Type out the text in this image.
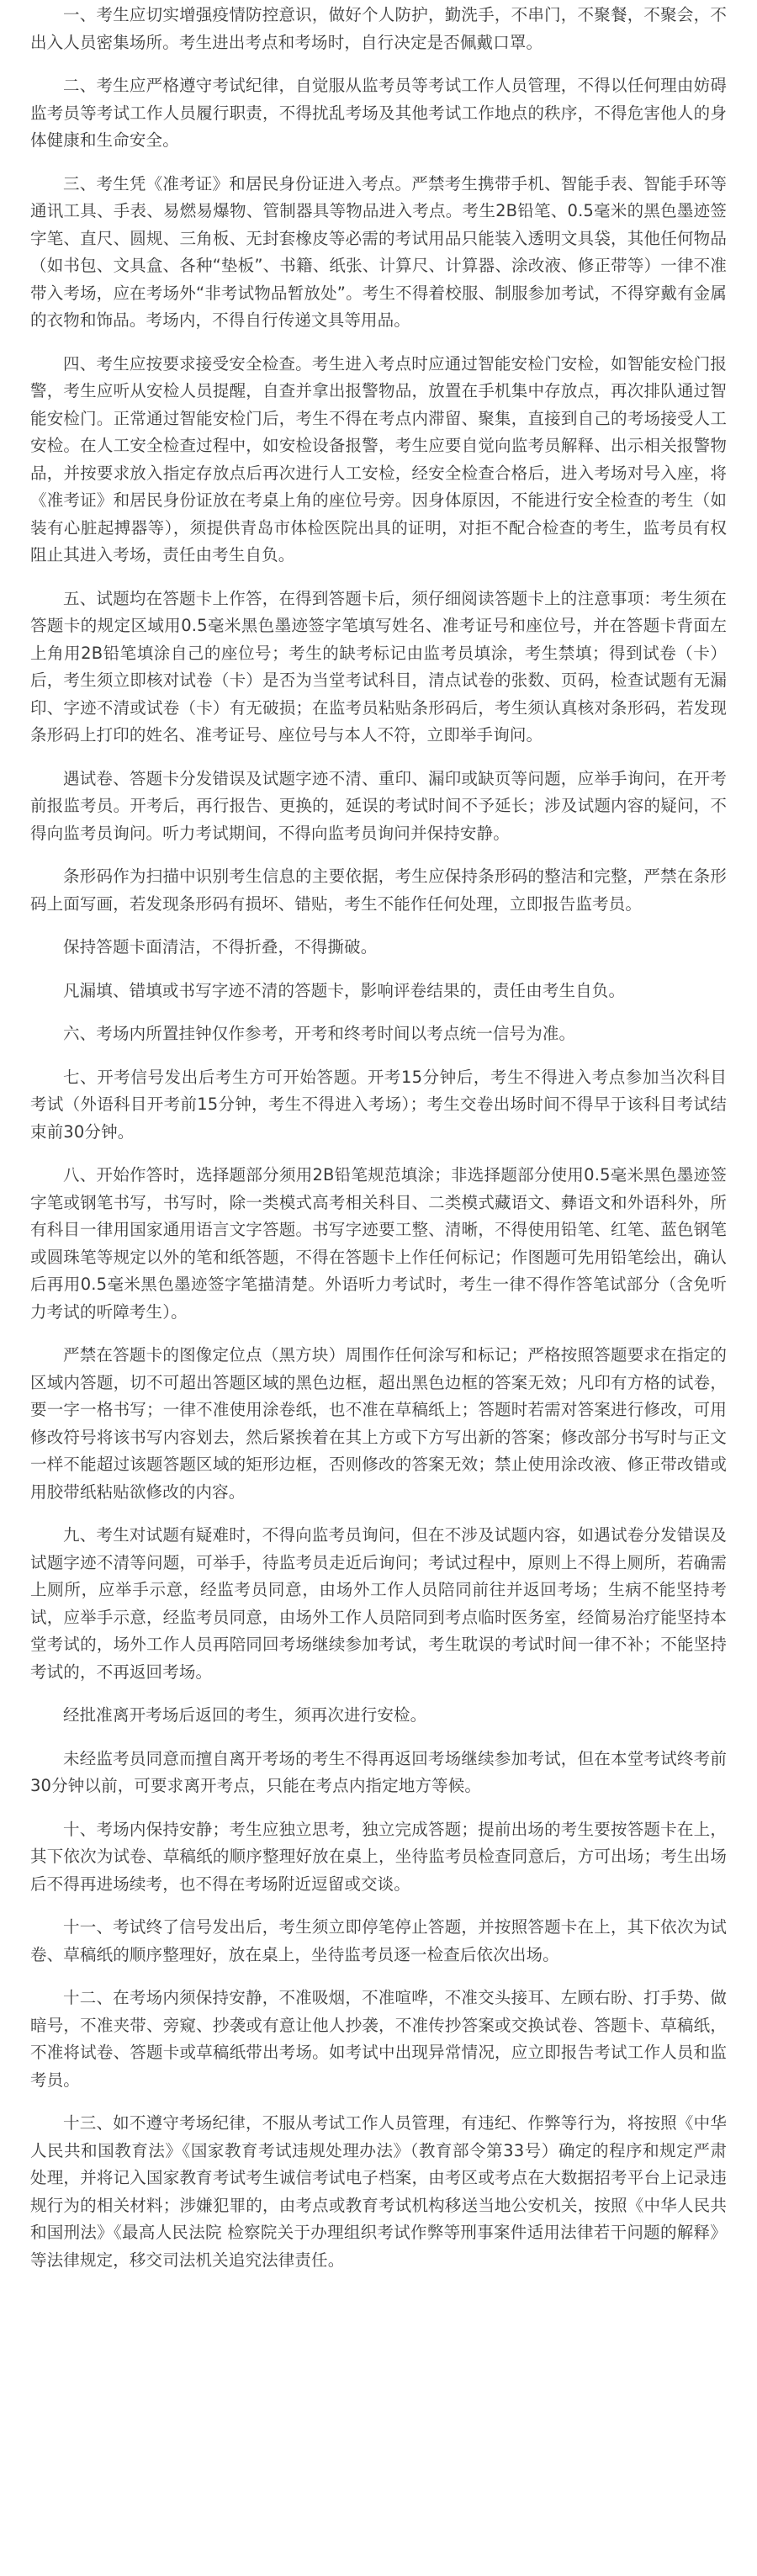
一、考生应切实增强疫情防控意识，做好个人防护，勤洗手，不串门，不聚餐，不聚会，不出入人员密集场所。考生进出考点和考场时，自行决定是否佩戴口罩。

二、考生应严格遵守考试纪律，自觉服从监考员等考试工作人员管理，不得以任何理由妨碍监考员等考试工作人员履行职责，不得扰乱考场及其他考试工作地点的秩序，不得危害他人的身体健康和生命安全。

三、考生凭《准考证》和居民身份证进入考点。严禁考生携带手机、智能手表、智能手环等通讯工具、手表、易燃易爆物、管制器具等物品进入考点。考生2B铅笔、0.5毫米的黑色墨迹签字笔、直尺、圆规、三角板、无封套橡皮等必需的考试用品只能装入透明文具袋，其他任何物品（如书包、文具盒、各种“垫板”、书籍、纸张、计算尺、计算器、涂改液、修正带等）一律不准带入考场，应在考场外“非考试物品暂放处”。考生不得着校服、制服参加考试，不得穿戴有金属的衣物和饰品。考场内，不得自行传递文具等用品。

四、考生应按要求接受安全检查。考生进入考点时应通过智能安检门安检，如智能安检门报警，考生应听从安检人员提醒，自查并拿出报警物品，放置在手机集中存放点，再次排队通过智能安检门。正常通过智能安检门后，考生不得在考点内滞留、聚集，直接到自己的考场接受人工安检。在人工安全检查过程中，如安检设备报警，考生应要自觉向监考员解释、出示相关报警物品，并按要求放入指定存放点后再次进行人工安检，经安全检查合格后，进入考场对号入座，将《准考证》和居民身份证放在考桌上角的座位号旁。因身体原因，不能进行安全检查的考生（如装有心脏起搏器等），须提供青岛市体检医院出具的证明，对拒不配合检查的考生，监考员有权阻止其进入考场，责任由考生自负。

五、试题均在答题卡上作答，在得到答题卡后，须仔细阅读答题卡上的注意事项：考生须在答题卡的规定区域用0.5毫米黑色墨迹签字笔填写姓名、准考证号和座位号，并在答题卡背面左上角用2B铅笔填涂自己的座位号；考生的缺考标记由监考员填涂，考生禁填；得到试卷（卡）后，考生须立即核对试卷（卡）是否为当堂考试科目，清点试卷的张数、页码，检查试题有无漏印、字迹不清或试卷（卡）有无破损；在监考员粘贴条形码后，考生须认真核对条形码，若发现条形码上打印的姓名、准考证号、座位号与本人不符，立即举手询问。

遇试卷、答题卡分发错误及试题字迹不清、重印、漏印或缺页等问题，应举手询问，在开考前报监考员。开考后，再行报告、更换的，延误的考试时间不予延长；涉及试题内容的疑问，不得向监考员询问。听力考试期间，不得向监考员询问并保持安静。

条形码作为扫描中识别考生信息的主要依据，考生应保持条形码的整洁和完整，严禁在条形码上面写画，若发现条形码有损坏、错贴，考生不能作任何处理，立即报告监考员。

保持答题卡面清洁，不得折叠，不得撕破。

凡漏填、错填或书写字迹不清的答题卡，影响评卷结果的，责任由考生自负。

六、考场内所置挂钟仅作参考，开考和终考时间以考点统一信号为准。

七、开考信号发出后考生方可开始答题。开考15分钟后，考生不得进入考点参加当次科目考试（外语科目开考前15分钟，考生不得进入考场）；考生交卷出场时间不得早于该科目考试结束前30分钟。

八、开始作答时，选择题部分须用2B铅笔规范填涂；非选择题部分使用0.5毫米黑色墨迹签字笔或钢笔书写，书写时，除一类模式高考相关科目、二类模式藏语文、彝语文和外语科外，所有科目一律用国家通用语言文字答题。书写字迹要工整、清晰，不得使用铅笔、红笔、蓝色钢笔或圆珠笔等规定以外的笔和纸答题，不得在答题卡上作任何标记；作图题可先用铅笔绘出，确认后再用0.5毫米黑色墨迹签字笔描清楚。外语听力考试时，考生一律不得作答笔试部分（含免听力考试的听障考生）。

严禁在答题卡的图像定位点（黑方块）周围作任何涂写和标记；严格按照答题要求在指定的区域内答题，切不可超出答题区域的黑色边框，超出黑色边框的答案无效；凡印有方格的试卷，要一字一格书写；一律不准使用涂卷纸，也不准在草稿纸上；答题时若需对答案进行修改，可用修改符号将该书写内容划去，然后紧挨着在其上方或下方写出新的答案；修改部分书写时与正文一样不能超过该题答题区域的矩形边框，否则修改的答案无效；禁止使用涂改液、修正带改错或用胶带纸粘贴欲修改的内容。

九、考生对试题有疑难时，不得向监考员询问，但在不涉及试题内容，如遇试卷分发错误及试题字迹不清等问题，可举手，待监考员走近后询问；考试过程中，原则上不得上厕所，若确需上厕所，应举手示意，经监考员同意，由场外工作人员陪同前往并返回考场；生病不能坚持考试，应举手示意，经监考员同意，由场外工作人员陪同到考点临时医务室，经简易治疗能坚持本堂考试的，场外工作人员再陪同回考场继续参加考试，考生耽误的考试时间一律不补；不能坚持考试的，不再返回考场。

经批准离开考场后返回的考生，须再次进行安检。

未经监考员同意而擅自离开考场的考生不得再返回考场继续参加考试，但在本堂考试终考前30分钟以前，可要求离开考点，只能在考点内指定地方等候。

十、考场内保持安静；考生应独立思考，独立完成答题；提前出场的考生要按答题卡在上，其下依次为试卷、草稿纸的顺序整理好放在桌上，坐待监考员检查同意后，方可出场；考生出场后不得再进场续考，也不得在考场附近逗留或交谈。

十一、考试终了信号发出后，考生须立即停笔停止答题，并按照答题卡在上，其下依次为试卷、草稿纸的顺序整理好，放在桌上，坐待监考员逐一检查后依次出场。

十二、在考场内须保持安静，不准吸烟，不准喧哗，不准交头接耳、左顾右盼、打手势、做暗号，不准夹带、旁窥、抄袭或有意让他人抄袭，不准传抄答案或交换试卷、答题卡、草稿纸，不准将试卷、答题卡或草稿纸带出考场。如考试中出现异常情况，应立即报告考试工作人员和监考员。

十三、如不遵守考场纪律，不服从考试工作人员管理，有违纪、作弊等行为，将按照《中华人民共和国教育法》《国家教育考试违规处理办法》（教育部令第33号）确定的程序和规定严肃处理，并将记入国家教育考试考生诚信考试电子档案，由考区或考点在大数据招考平台上记录违规行为的相关材料；涉嫌犯罪的，由考点或教育考试机构移送当地公安机关，按照《中华人民共和国刑法》《最高人民法院 检察院关于办理组织考试作弊等刑事案件适用法律若干问题的解释》等法律规定，移交司法机关追究法律责任。
